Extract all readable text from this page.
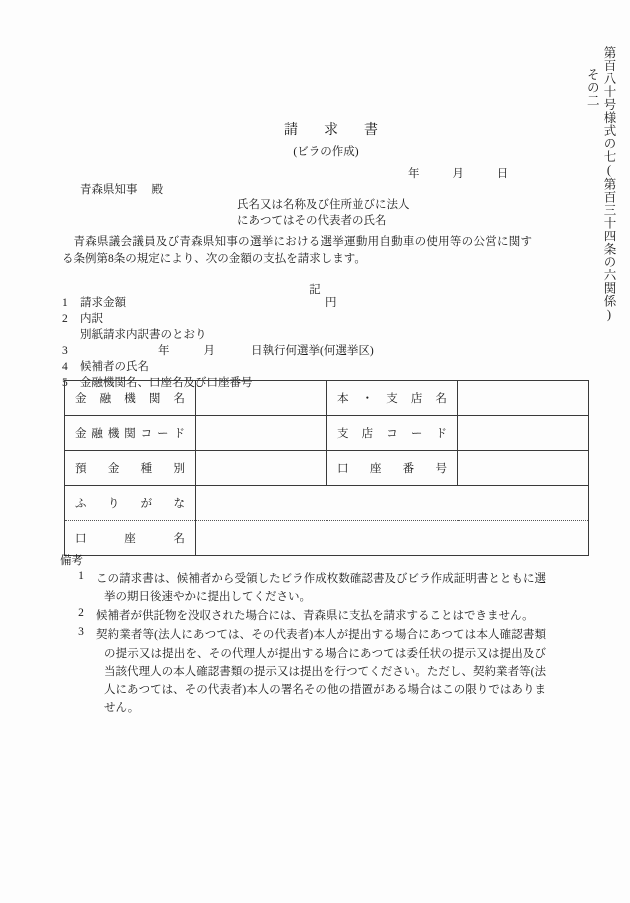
その二 第百八十号様式の七(第百三十四条の六関係)
請求書
(ビラの作成)
年	月	日
青森県知事 殿
氏名又は名称及び住所並びに法人
にあつてはその代表者の氏名
青森県議会議員及び青森県知事の選挙における選挙運動用自動車の使用等の公営に関する条例第8条の規定により、次の金額の支払を請求します。
記
1	請求金額	円
2	内訳
別紙請求内訳書のとおり
3	年	月	日執行何選挙(何選挙区)
4	候補者の氏名
5	金融機関名、口座名及び口座番号
金 融 機 関 名		本 ・ 支 店 名	

金 融 機 関 コ ー ド		支 店 コ ー ド

預 金 種 別		口 座 番 号	

ふ り が な			

口 座 名			

備考
1	この請求書は、候補者から受領したビラ作成枚数確認書及びビラ作成証明書とともに選挙の期日後速やかに提出してください。
2	候補者が供託物を没収された場合には、青森県に支払を請求することはできません。
3	契約業者等(法人にあつては、その代表者)本人が提出する場合にあつては本人確認書類の提示又は提出を、その代理人が提出する場合にあつては委任状の提示又は提出及び当該代理人の本人確認書類の提示又は提出を行つてください。ただし、契約業者等(法人にあつては、その代表者)本人の署名その他の措置がある場合はこの限りではありません。
